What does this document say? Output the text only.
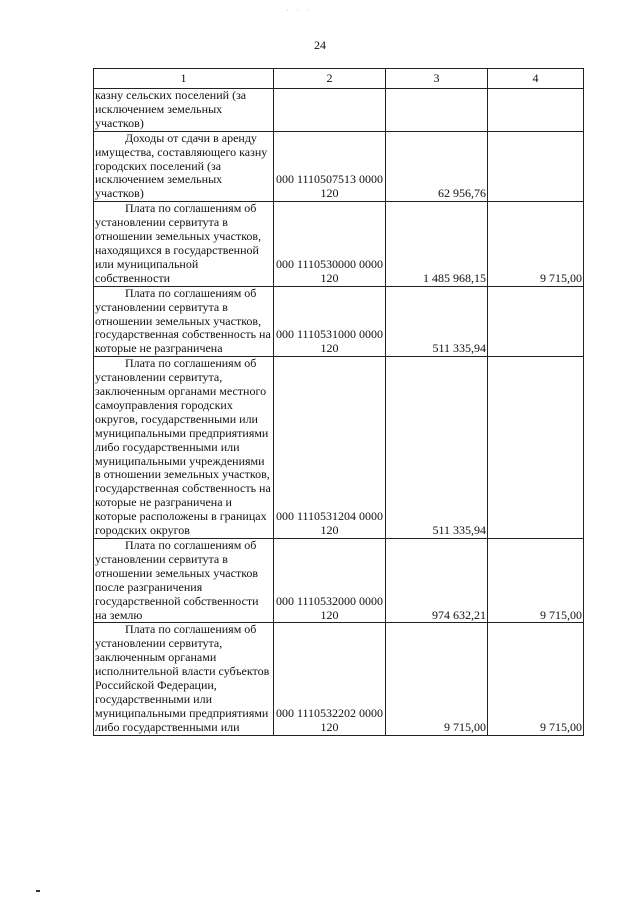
· · ·
24
1	2	3	4
казну сельских поселений (за исключением земельных участков)			
Доходы от сдачи в аренду имущества, составляющего казну городских поселений (за исключением земельных участков)	000 1110507513 0000 120	62 956,76	
Плата по соглашениям об установлении сервитута в отношении земельных участков, находящихся в государственной или муниципальной собственности	000 1110530000 0000 120	1 485 968,15	9 715,00
Плата по соглашениям об установлении сервитута в отношении земельных участков, государственная собственность на которые не разграничена	000 1110531000 0000 120	511 335,94	
Плата по соглашениям об установлении сервитута, заключенным органами местного самоуправления городских округов, государственными или муниципальными предприятиями либо государственными или муниципальными учреждениями в отношении земельных участков, государственная собственность на которые не разграничена и которые расположены в границах городских округов	000 1110531204 0000 120	511 335,94	
Плата по соглашениям об установлении сервитута в отношении земельных участков после разграничения государственной собственности на землю	000 1110532000 0000 120	974 632,21	9 715,00
Плата по соглашениям об установлении сервитута, заключенным органами исполнительной власти субъектов Российской Федерации, государственными или муниципальными предприятиями либо государственными или	000 1110532202 0000 120	9 715,00	9 715,00
